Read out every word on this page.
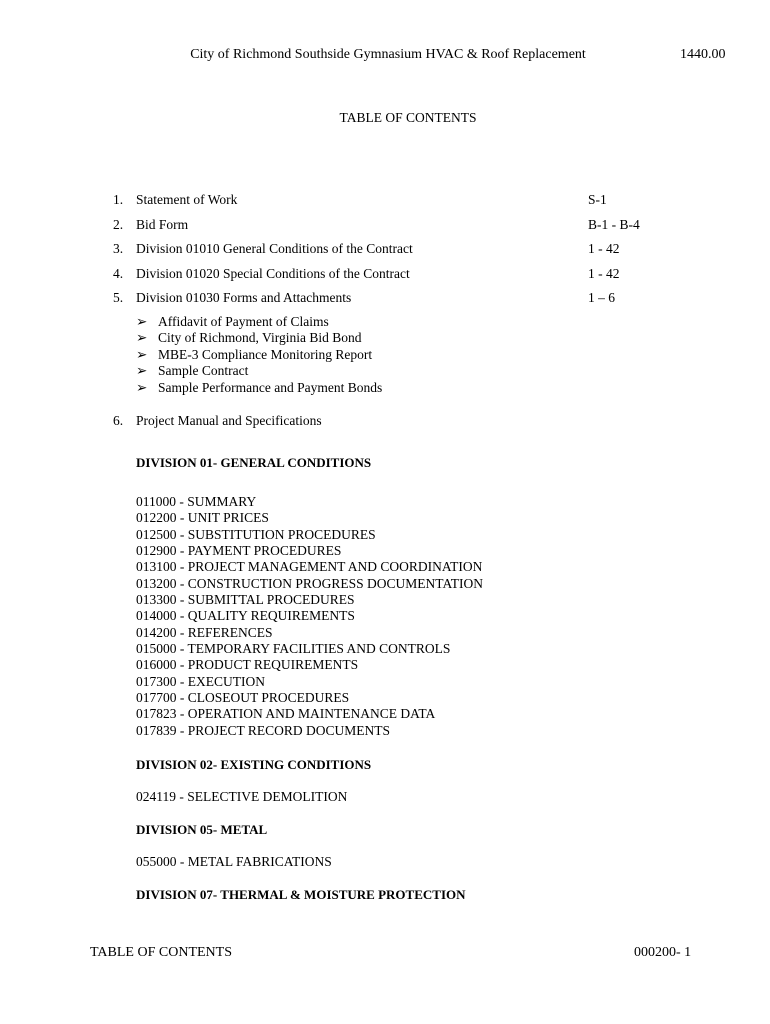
City of Richmond Southside Gymnasium HVAC & Roof Replacement	1440.00
TABLE OF CONTENTS
1. Statement of Work	S-1
2. Bid Form	B-1 - B-4
3. Division 01010 General Conditions of the Contract	1 - 42
4. Division 01020 Special Conditions of the Contract	1 - 42
5. Division 01030 Forms and Attachments	1 – 6
➢ Affidavit of Payment of Claims
➢ City of Richmond, Virginia Bid Bond
➢ MBE-3 Compliance Monitoring Report
➢ Sample Contract
➢ Sample Performance and Payment Bonds
6. Project Manual and Specifications
DIVISION 01- GENERAL CONDITIONS
011000 - SUMMARY
012200 - UNIT PRICES
012500 - SUBSTITUTION PROCEDURES
012900 - PAYMENT PROCEDURES
013100 - PROJECT MANAGEMENT AND COORDINATION
013200 - CONSTRUCTION PROGRESS DOCUMENTATION
013300 - SUBMITTAL PROCEDURES
014000 - QUALITY REQUIREMENTS
014200 - REFERENCES
015000 - TEMPORARY FACILITIES AND CONTROLS
016000 - PRODUCT REQUIREMENTS
017300 - EXECUTION
017700 - CLOSEOUT PROCEDURES
017823 - OPERATION AND MAINTENANCE DATA
017839 - PROJECT RECORD DOCUMENTS
DIVISION 02- EXISTING CONDITIONS
024119 - SELECTIVE DEMOLITION
DIVISION 05- METAL
055000 - METAL FABRICATIONS
DIVISION 07- THERMAL & MOISTURE PROTECTION
TABLE OF CONTENTS	000200- 1
